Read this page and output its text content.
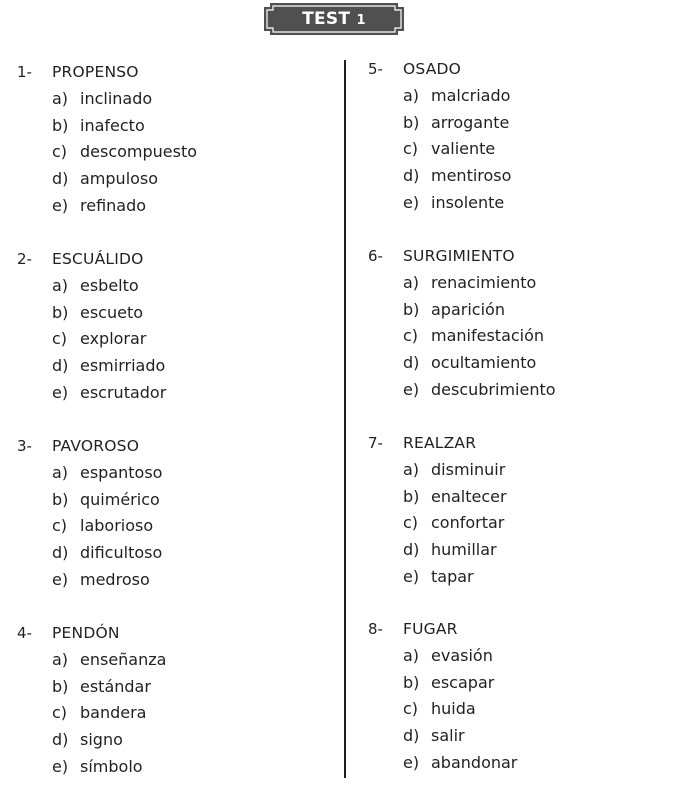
TEST 1
1- PROPENSO
a) inclinado
b) inafecto
c) descompuesto
d) ampuloso
e) refinado
2- ESCUÁLIDO
a) esbelto
b) escueto
c) explorar
d) esmirriado
e) escrutador
3- PAVOROSO
a) espantoso
b) quimérico
c) laborioso
d) dificultoso
e) medroso
4- PENDÓN
a) enseñanza
b) estándar
c) bandera
d) signo
e) símbolo
5- OSADO
a) malcriado
b) arrogante
c) valiente
d) mentiroso
e) insolente
6- SURGIMIENTO
a) renacimiento
b) aparición
c) manifestación
d) ocultamiento
e) descubrimiento
7- REALZAR
a) disminuir
b) enaltecer
c) confortar
d) humillar
e) tapar
8- FUGAR
a) evasión
b) escapar
c) huida
d) salir
e) abandonar
